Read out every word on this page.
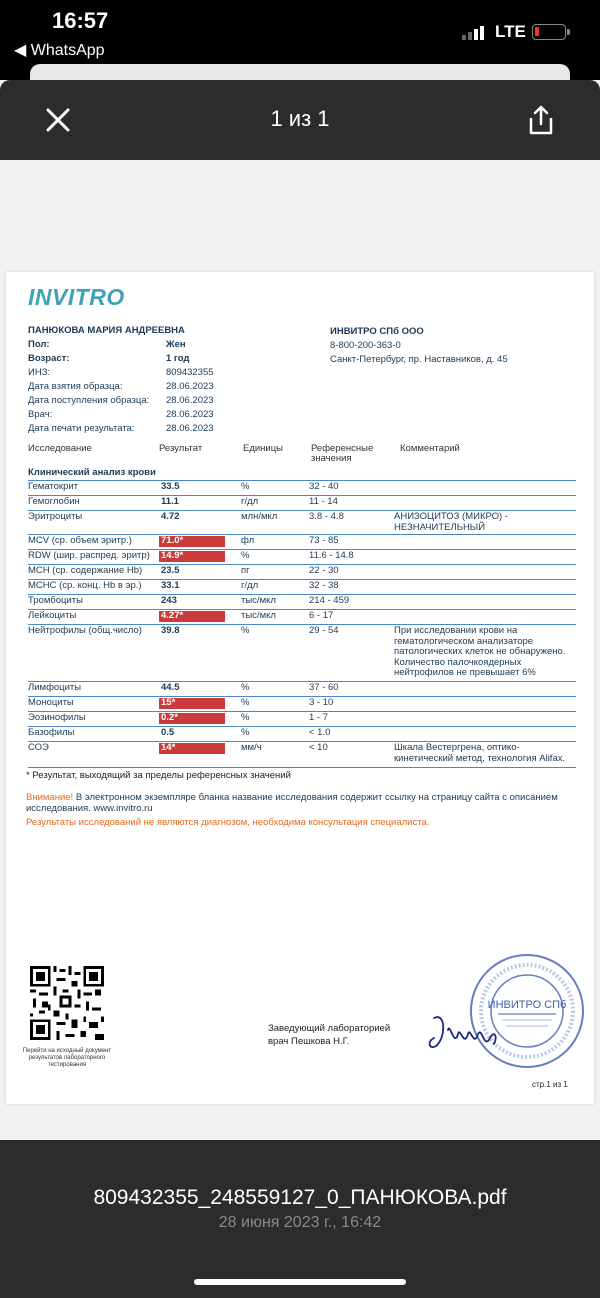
16:57
◀ WhatsApp
LTE
1 из 1
INVITRO
ПАНЮКОВА МАРИЯ АНДРЕЕВНА
Пол:	Жен
Возраст:	1 год
ИНЗ:	809432355
Дата взятия образца:	28.06.2023
Дата поступления образца:	28.06.2023
Врач:	28.06.2023
Дата печати результата:	28.06.2023
ИНВИТРО СПб ООО
8-800-200-363-0
Санкт-Петербург, пр. Наставников, д. 45
Исследование	Результат	Единицы	Референсные
значения
Комментарий
Клинический анализ крови
Гематокрит	33.5	%	32 - 40
Гемоглобин	11.1	г/дл	11 - 14
Эритроциты	4.72	млн/мкл	3.8 - 4.8	АНИЗОЦИТОЗ (МИКРО) - НЕЗНАЧИТЕЛЬНЫЙ
MCV (ср. объем эритр.)	71.0*	фл	73 - 85
RDW (шир. распред. эритр) 14.9*	%	11.6 - 14.8
MCH (ср. содержание Hb) 23.5	пг	22 - 30
MCHC (ср. конц. Hb в эр.) 33.1	г/дл	32 - 38
Тромбоциты	243	тыс/мкл	214 - 459
Лейкоциты	4.27*	тыс/мкл	6 - 17
Нейтрофилы (общ.число) 39.8	%	29 - 54	При исследовании крови на гематологическом анализаторе патологических клеток не обнаружено. Количество палочкоядерных нейтрофилов не превышает 6%
Лимфоциты	44.5	%	37 - 60
Моноциты	15*	%	3 - 10
Эозинофилы	0.2*	%	1 - 7
Базофилы	0.5	%	< 1.0
СОЭ	14*	мм/ч	< 10	Шкала Вестергрена, оптико-кинетический метод, технология Alifax.
* Результат, выходящий за пределы референсных значений
Внимание! В электронном экземпляре бланка название исследования содержит ссылку на страницу сайта с описанием исследования. www.invitro.ru
Результаты исследований не являются диагнозом, необходима консультация специалиста.
Перейти на исходный документ результатов лабораторного тестирования
Заведующий лабораторией
врач Пешкова Н.Г.
ИНВИТРО СПб
стр.1 из 1
809432355_248559127_0_ПАНЮКОВА.pdf
28 июня 2023 г., 16:42
